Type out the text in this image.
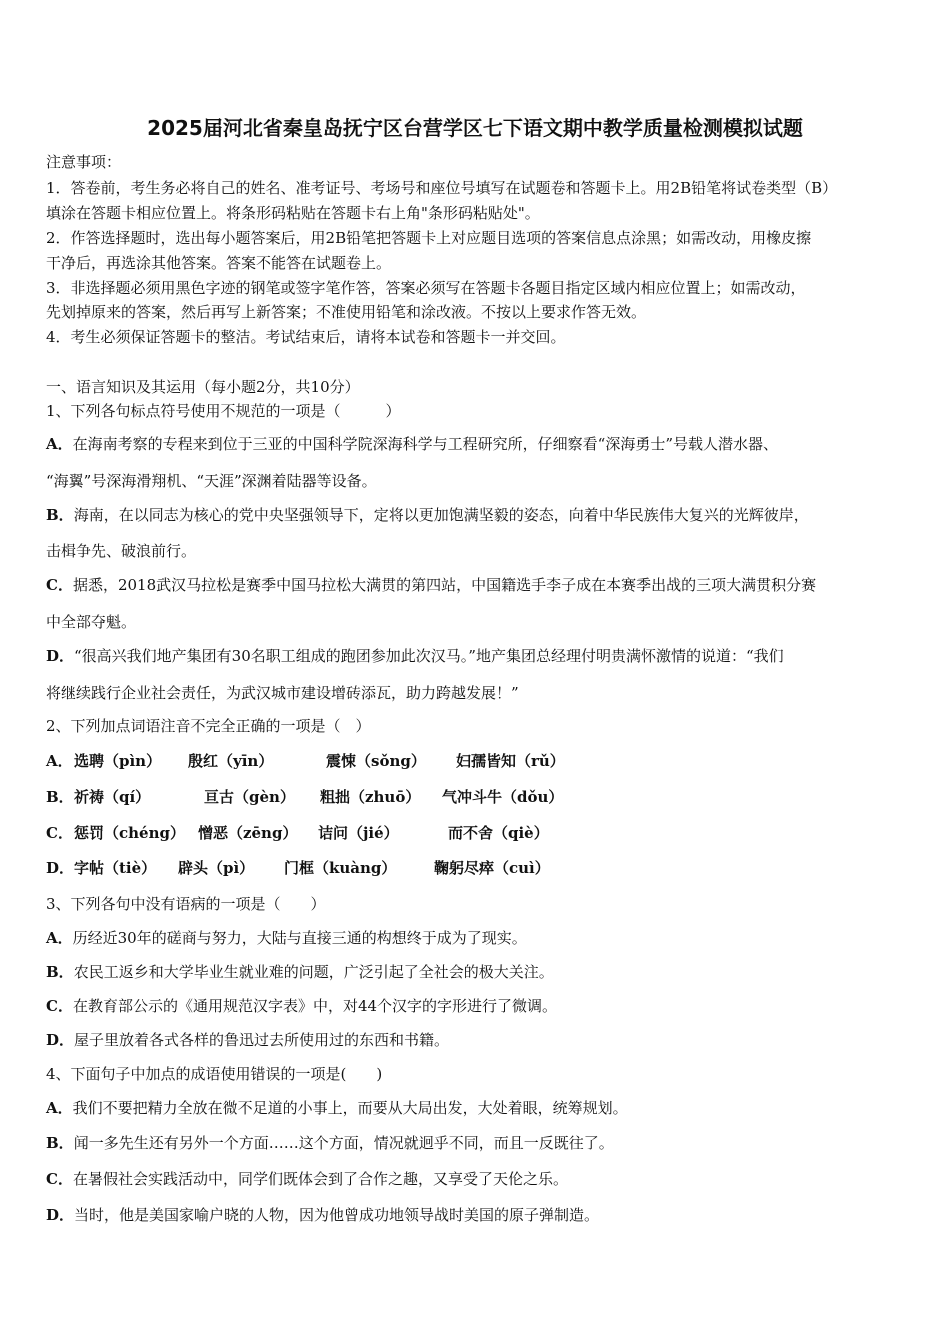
2025届河北省秦皇岛抚宁区台营学区七下语文期中教学质量检测模拟试题
注意事项：
1．答卷前，考生务必将自己的姓名、准考证号、考场号和座位号填写在试题卷和答题卡上。用2B铅笔将试卷类型（B）
填涂在答题卡相应位置上。将条形码粘贴在答题卡右上角"条形码粘贴处"。
2．作答选择题时，选出每小题答案后，用2B铅笔把答题卡上对应题目选项的答案信息点涂黑；如需改动，用橡皮擦
干净后，再选涂其他答案。答案不能答在试题卷上。
3．非选择题必须用黑色字迹的钢笔或签字笔作答，答案必须写在答题卡各题目指定区域内相应位置上；如需改动，
先划掉原来的答案，然后再写上新答案；不准使用铅笔和涂改液。不按以上要求作答无效。
4．考生必须保证答题卡的整洁。考试结束后，请将本试卷和答题卡一并交回。
一、语言知识及其运用（每小题2分，共10分）
1、下列各句标点符号使用不规范的一项是（　　　）
A．在海南考察的专程来到位于三亚的中国科学院深海科学与工程研究所，仔细察看“深海勇士”号载人潜水器、
“海翼”号深海滑翔机、“天涯”深渊着陆器等设备。
B．海南，在以同志为核心的党中央坚强领导下，定将以更加饱满坚毅的姿态，向着中华民族伟大复兴的光辉彼岸，
击楫争先、破浪前行。
C．据悉，2018武汉马拉松是赛季中国马拉松大满贯的第四站，中国籍选手李子成在本赛季出战的三项大满贯积分赛
中全部夺魁。
D．“很高兴我们地产集团有30名职工组成的跑团参加此次汉马。”地产集团总经理付明贵满怀激情的说道：“我们
将继续践行企业社会责任，为武汉城市建设增砖添瓦，助力跨越发展！”
2、下列加点词语注音不完全正确的一项是（　）
A． 选聘（pìn） 殷红（yīn）	震悚（sǒng） 妇孺皆知（rǔ）
B． 祈祷（qí）	亘古（gèn） 粗拙（zhuō） 气冲斗牛（dǒu）
C． 惩罚（chéng） 憎恶（zēng） 诘问（jié）	而不舍（qiè）
D． 字帖（tiè） 辟头（pì） 门框（kuàng）	鞠躬尽瘁（cuì）
3、下列各句中没有语病的一项是（　　）
A．历经近30年的磋商与努力，大陆与直接三通的构想终于成为了现实。
B．农民工返乡和大学毕业生就业难的问题，广泛引起了全社会的极大关注。
C．在教育部公示的《通用规范汉字表》中，对44个汉字的字形进行了微调。
D．屋子里放着各式各样的鲁迅过去所使用过的东西和书籍。
4、下面句子中加点的成语使用错误的一项是(　　)
A．我们不要把精力全放在微不足道的小事上，而要从大局出发，大处着眼，统筹规划。
B．闻一多先生还有另外一个方面……这个方面，情况就迥乎不同，而且一反既往了。
C．在暑假社会实践活动中，同学们既体会到了合作之趣，又享受了天伦之乐。
D．当时，他是美国家喻户晓的人物，因为他曾成功地领导战时美国的原子弹制造。
